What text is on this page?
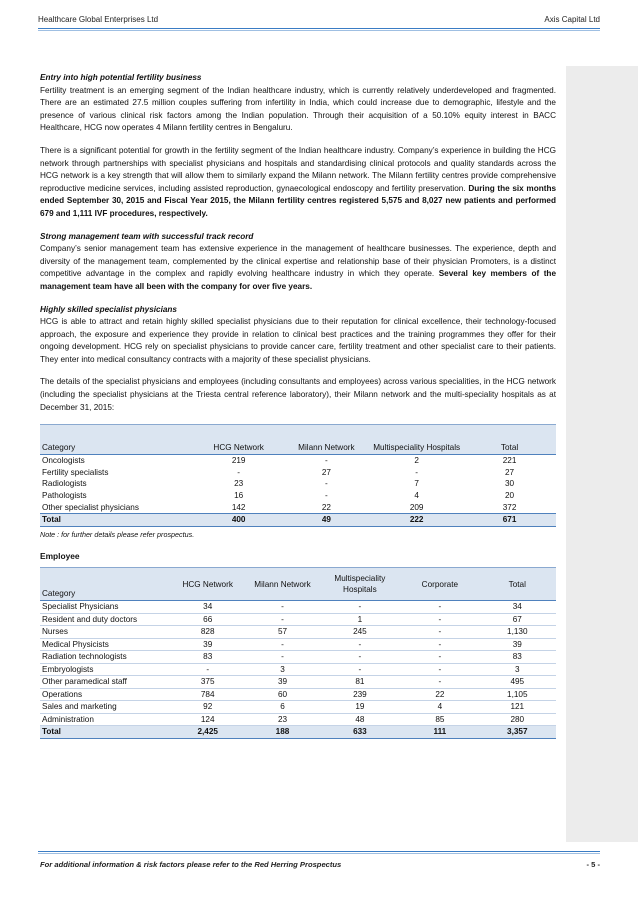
Healthcare Global Enterprises Ltd	Axis Capital Ltd
Entry into high potential fertility business

Fertility treatment is an emerging segment of the Indian healthcare industry, which is currently relatively underdeveloped and fragmented. There are an estimated 27.5 million couples suffering from infertility in India, which could increase due to demographic, lifestyle and the presence of various clinical risk factors among the Indian population. Through their acquisition of a 50.10% equity interest in BACC Healthcare, HCG now operates 4 Milann fertility centres in Bengaluru.

There is a significant potential for growth in the fertility segment of the Indian healthcare industry. Company’s experience in building the HCG network through partnerships with specialist physicians and hospitals and standardising clinical protocols and quality standards across the HCG network is a key strength that will allow them to similarly expand the Milann network. The Milann fertility centres provide comprehensive reproductive medicine services, including assisted reproduction, gynaecological endoscopy and fertility preservation. During the six months ended September 30, 2015 and Fiscal Year 2015, the Milann fertility centres registered 5,575 and 8,027 new patients and performed 679 and 1,111 IVF procedures, respectively.

Strong management team with successful track record

Company’s senior management team has extensive experience in the management of healthcare businesses. The experience, depth and diversity of the management team, complemented by the clinical expertise and relationship base of their physician Promoters, is a distinct competitive advantage in the complex and rapidly evolving healthcare industry in which they operate. Several key members of the management team have all been with the company for over five years.

Highly skilled specialist physicians

HCG is able to attract and retain highly skilled specialist physicians due to their reputation for clinical excellence, their technology-focused approach, the exposure and experience they provide in relation to clinical best practices and the training programmes they offer for their ongoing development. HCG rely on specialist physicians to provide cancer care, fertility treatment and other specialist care to their patients. They enter into medical consultancy contracts with a majority of these specialist physicians.

The details of the specialist physicians and employees (including consultants and employees) across various specialities, in the HCG network (including the specialist physicians at the Triesta central reference laboratory), their Milann network and the multi-speciality hospitals as at December 31, 2015:

Category	HCG Network	Milann Network	Multispeciality Hospitals	Total
Oncologists	219	-	2	221
Fertility specialists	-	27	-	27
Radiologists	23	-	7	30
Pathologists	16	-	4	20
Other specialist physicians	142	22	209	372
Total	400	49	222	671
Note : for further details please refer prospectus.
Employee
Category	HCG Network	Milann Network	Multispeciality Hospitals	Corporate	Total
Specialist Physicians	34	-	-	-	34
Resident and duty doctors	66	-	1	-	67
Nurses	828	57	245	-	1,130
Medical Physicists	39	-	-	-	39
Radiation technologists	83	-	-	-	83
Embryologists	-	3	-	-	3
Other paramedical staff	375	39	81	-	495
Operations	784	60	239	22	1,105
Sales and marketing	92	6	19	4	121
Administration	124	23	48	85	280
Total	2,425	188	633	111	3,357
For additional information & risk factors please refer to the Red Herring Prospectus	- 5 -
